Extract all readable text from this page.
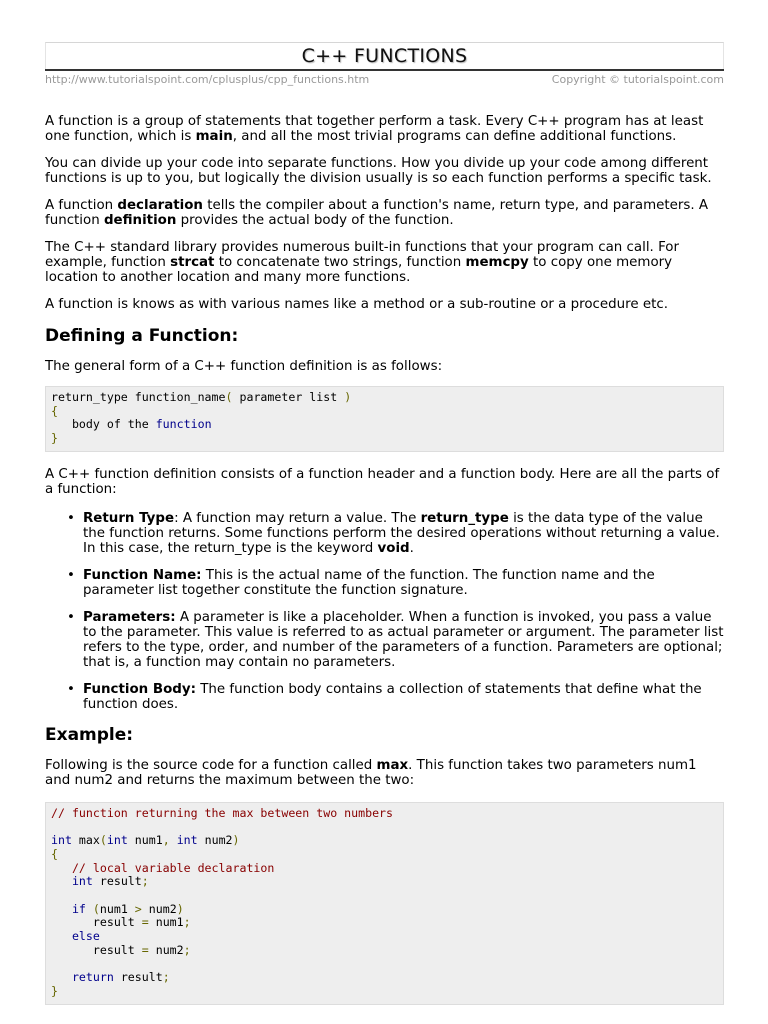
C++ FUNCTIONS
http://www.tutorialspoint.com/cplusplus/cpp_functions.htm	Copyright © tutorialspoint.com

A function is a group of statements that together perform a task. Every C++ program has at least one function, which is main, and all the most trivial programs can define additional functions.

You can divide up your code into separate functions. How you divide up your code among different functions is up to you, but logically the division usually is so each function performs a specific task.

A function declaration tells the compiler about a function's name, return type, and parameters. A function definition provides the actual body of the function.

The C++ standard library provides numerous built-in functions that your program can call. For example, function strcat to concatenate two strings, function memcpy to copy one memory location to another location and many more functions.

A function is knows as with various names like a method or a sub-routine or a procedure etc.

Defining a Function:

The general form of a C++ function definition is as follows:

return_type function_name( parameter list )
{
body of the function
}

A C++ function definition consists of a function header and a function body. Here are all the parts of a function:

• Return Type: A function may return a value. The return_type is the data type of the value the function returns. Some functions perform the desired operations without returning a value. In this case, the return_type is the keyword void.
• Function Name: This is the actual name of the function. The function name and the parameter list together constitute the function signature.
• Parameters: A parameter is like a placeholder. When a function is invoked, you pass a value to the parameter. This value is referred to as actual parameter or argument. The parameter list refers to the type, order, and number of the parameters of a function. Parameters are optional; that is, a function may contain no parameters.
• Function Body: The function body contains a collection of statements that define what the function does.
Example:

Following is the source code for a function called max. This function takes two parameters num1 and num2 and returns the maximum between the two:

// function returning the max between two numbers

int max(int num1, int num2)
{
// local variable declaration
int result;

if (num1 > num2)
result = num1;
else
result = num2;

return result;
}
